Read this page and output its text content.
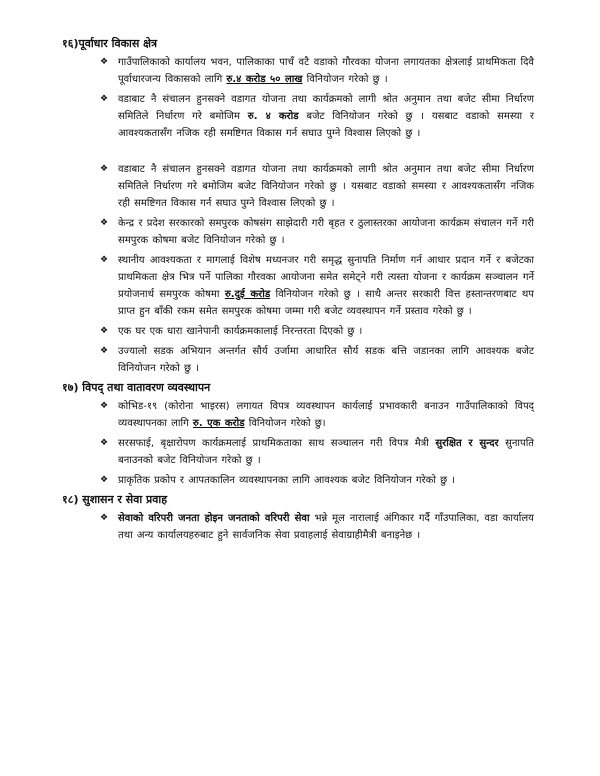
१६)पूर्वाधार विकास क्षेत्र
❖ गाउँपालिकाको कार्यालय भवन, पालिकाका पाचँ वटै वडाको गौरवका योजना लगायतका क्षेत्रलाई प्राथमिकता दिवै पूर्वाधारजन्य विकासको लागि रु.४ करोड ५० लाख विनियोजन गरेको छु ।
❖ वडाबाट नै संचालन हुनसक्ने वडागत योजना तथा कार्यक्रमको लागी श्रोत अनुमान तथा बजेट सीमा निर्धारण समितिले निर्धारण गरे बमोजिम रु. ४ करोड बजेट विनियोजन गरेको छु । यसबाट वडाको समस्या र आवश्यकतासँग नजिक रही समष्टिगत विकास गर्न सघाउ पुग्ने विश्वास लिएको छु ।
❖ वडाबाट नै संचालन हुनसक्ने वडागत योजना तथा कार्यक्रमको लागी श्रोत अनुमान तथा बजेट सीमा निर्धारण समितिले निर्धारण गरे बमोजिम बजेट विनियोजन गरेको छु । यसबाट वडाको समस्या र आवश्यकतासँग नजिक रही समष्टिगत विकास गर्न सघाउ पुग्ने विश्वास लिएको छु ।
❖ केन्द्र र प्रदेश सरकारको समपुरक कोषसंग साझेदारी गरी बृहत र ठुलास्तरका आयोजना कार्यक्रम संचालन गर्ने गरी समपुरक कोषमा बजेट विनियोजन गरेको छु ।
❖ स्थानीय आवश्यकता र मागलाई विशेष मध्यनजर गरी समृद्ध सुनापति निर्माण गर्न आधार प्रदान गर्ने र बजेटका प्राथमिकता क्षेत्र भित्र पर्ने पालिका गौरवका आयोजना समेत समेट्ने गरी त्यस्ता योजना र कार्यक्रम सञ्चालन गर्ने प्रयोजनार्थ समपुरक कोषमा रु.दुई करोड विनियोजन गरेको छु । साथै अन्तर सरकारी वित्त हस्तान्तरणबाट थप प्राप्त हुन बाँकी रकम समेत समपुरक कोषमा जम्मा गरी बजेट व्यवस्थापन गर्ने प्रस्ताव गरेको छु ।
❖ एक घर एक धारा खानेपानी कार्यक्रमकालाई निरन्तरता दिएको छु ।
❖ उज्यालो सडक अभियान अन्तर्गत सौर्य उर्जामा आधारित सौर्य सडक बत्ति जडानका लागि आवश्यक बजेट विनियोजन गरेको छु ।
१७) विपद् तथा वातावरण व्यवस्थापन
❖ कोभिड-१९ (कोरोना भाइरस) लगायत विपत्र व्यवस्थापन कार्यलाई प्रभावकारी बनाउन गाउँपालिकाको विपद् व्यवस्थापनका लागि रु. एक करोड विनियोजन गरेको छु।
❖ सरसफाई, बृक्षारोपण कार्यक्रमलाई प्राथमिकताका साथ सञ्चालन गरी विपत्र मैत्री सुरक्षित र सुन्दर सुनापति बनाउनको बजेट विनियोजन गरेको छु ।
❖ प्राकृतिक प्रकोप र आपतकालिन व्यवस्थापनका लागि आवश्यक बजेट विनियोजन गरेको छु ।
१८) सुशासन र सेवा प्रवाह
❖ सेवाको वरिपरी जनता होइन जनताको वरिपरी सेवा भन्ने मूल नारालाई अंगिकार गर्दै गाँउपालिका, वडा कार्यालय तथा अन्य कार्यालयहरुबाट हुने सार्वजनिक सेवा प्रवाहलाई सेवाग्राहीमैत्री बनाइनेछ ।
